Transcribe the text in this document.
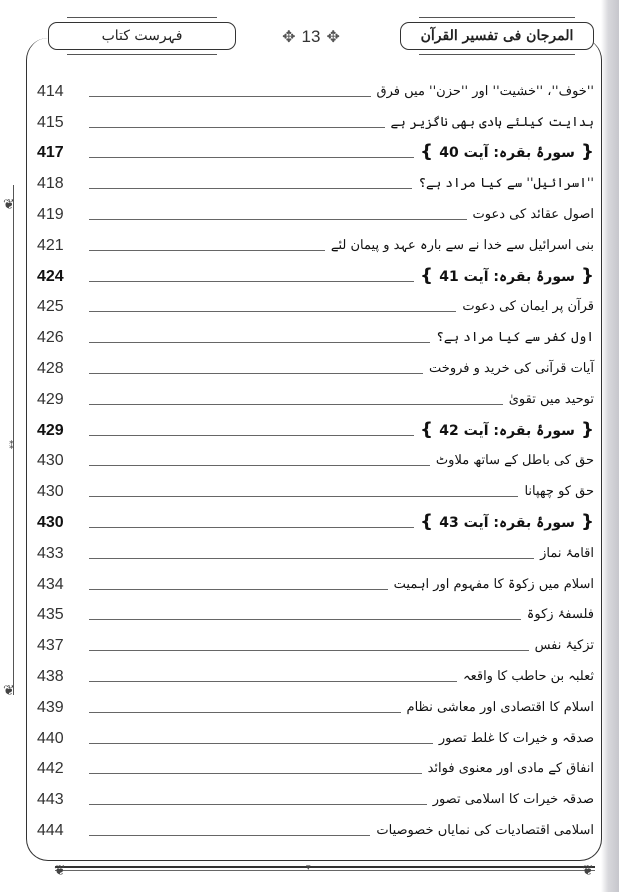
❦
❦
⁑
❦	❦
▾
فہرست کتاب	✥ 13 ✥	المرجان فی تفسیر القرآن
414	''خوف''، ''خشیت'' اور ''حزن'' میں فرق
415	ہدایت کیلئے ہادی بھی ناگزیر ہے
417	{ سورۂ بقرہ: آیت 40 }
418	''اسرائیل'' سے کیا مراد ہے؟
419	اصول عقائد کی دعوت
421	بنی اسرائیل سے خدا نے سے بارہ عہد و پیمان لئے
424	{ سورۂ بقرہ: آیت 41 }
425	قرآن پر ایمان کی دعوت
426	اول کفر سے کیا مراد ہے؟
428	آیات قرآنی کی خرید و فروخت
429	توحید میں تقویٰ
429	{ سورۂ بقرہ: آیت 42 }
430	حق کی باطل کے ساتھ ملاوٹ
430	حق کو چھپانا
430	{ سورۂ بقرہ: آیت 43 }
433	اقامۂ نماز
434	اسلام میں زکوۃ کا مفہوم اور اہمیت
435	فلسفۂ زکوۃ
437	تزکیۂ نفس
438	ثعلبہ بن حاطب کا واقعہ
439	اسلام کا اقتصادی اور معاشی نظام
440	صدقہ و خیرات کا غلط تصور
442	انفاق کے مادی اور معنوی فوائد
443	صدقہ خیرات کا اسلامی تصور
444	اسلامی اقتصادیات کی نمایاں خصوصیات
